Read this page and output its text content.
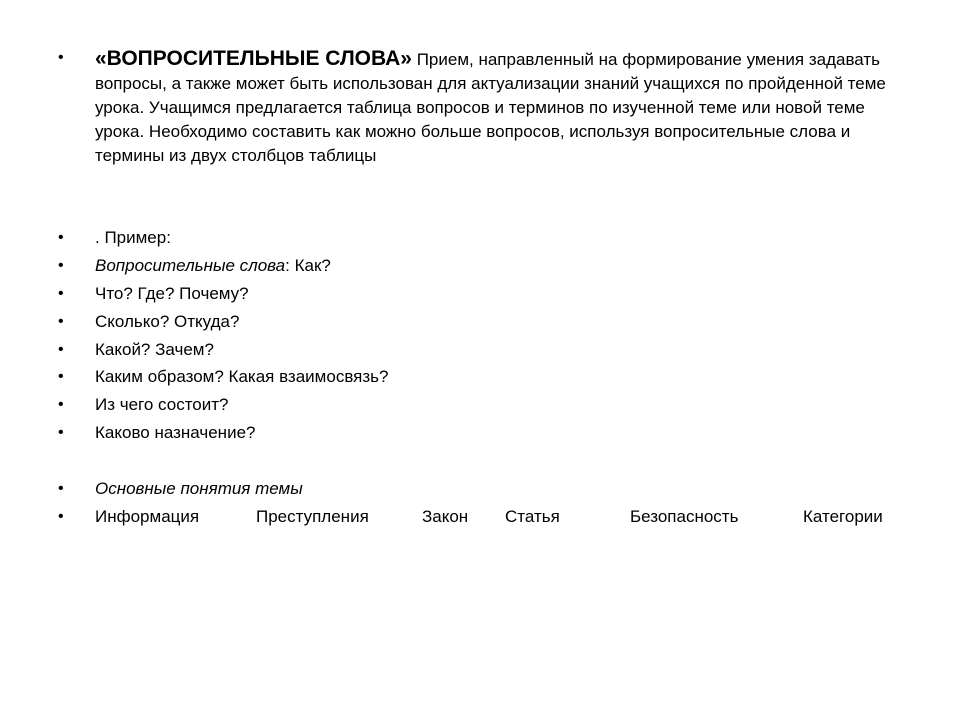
• «ВОПРОСИТЕЛЬНЫЕ СЛОВА» Прием, направленный на формирование умения задавать вопросы, а также может быть использован для актуализации знаний учащихся по пройденной теме урока. Учащимся предлагается таблица вопросов и терминов по изученной теме или новой теме урока. Необходимо составить как можно больше вопросов, используя вопросительные слова и термины из двух столбцов таблицы
• . Пример:
• Вопросительные слова: Как?
• Что? Где? Почему?
• Сколько? Откуда?
• Какой? Зачем?
• Каким образом? Какая взаимосвязь?
• Из чего состоит?
• Каково назначение?
• Основные понятия темы
• Информация	Преступления	Закон Статья	Безопасность	Категории
